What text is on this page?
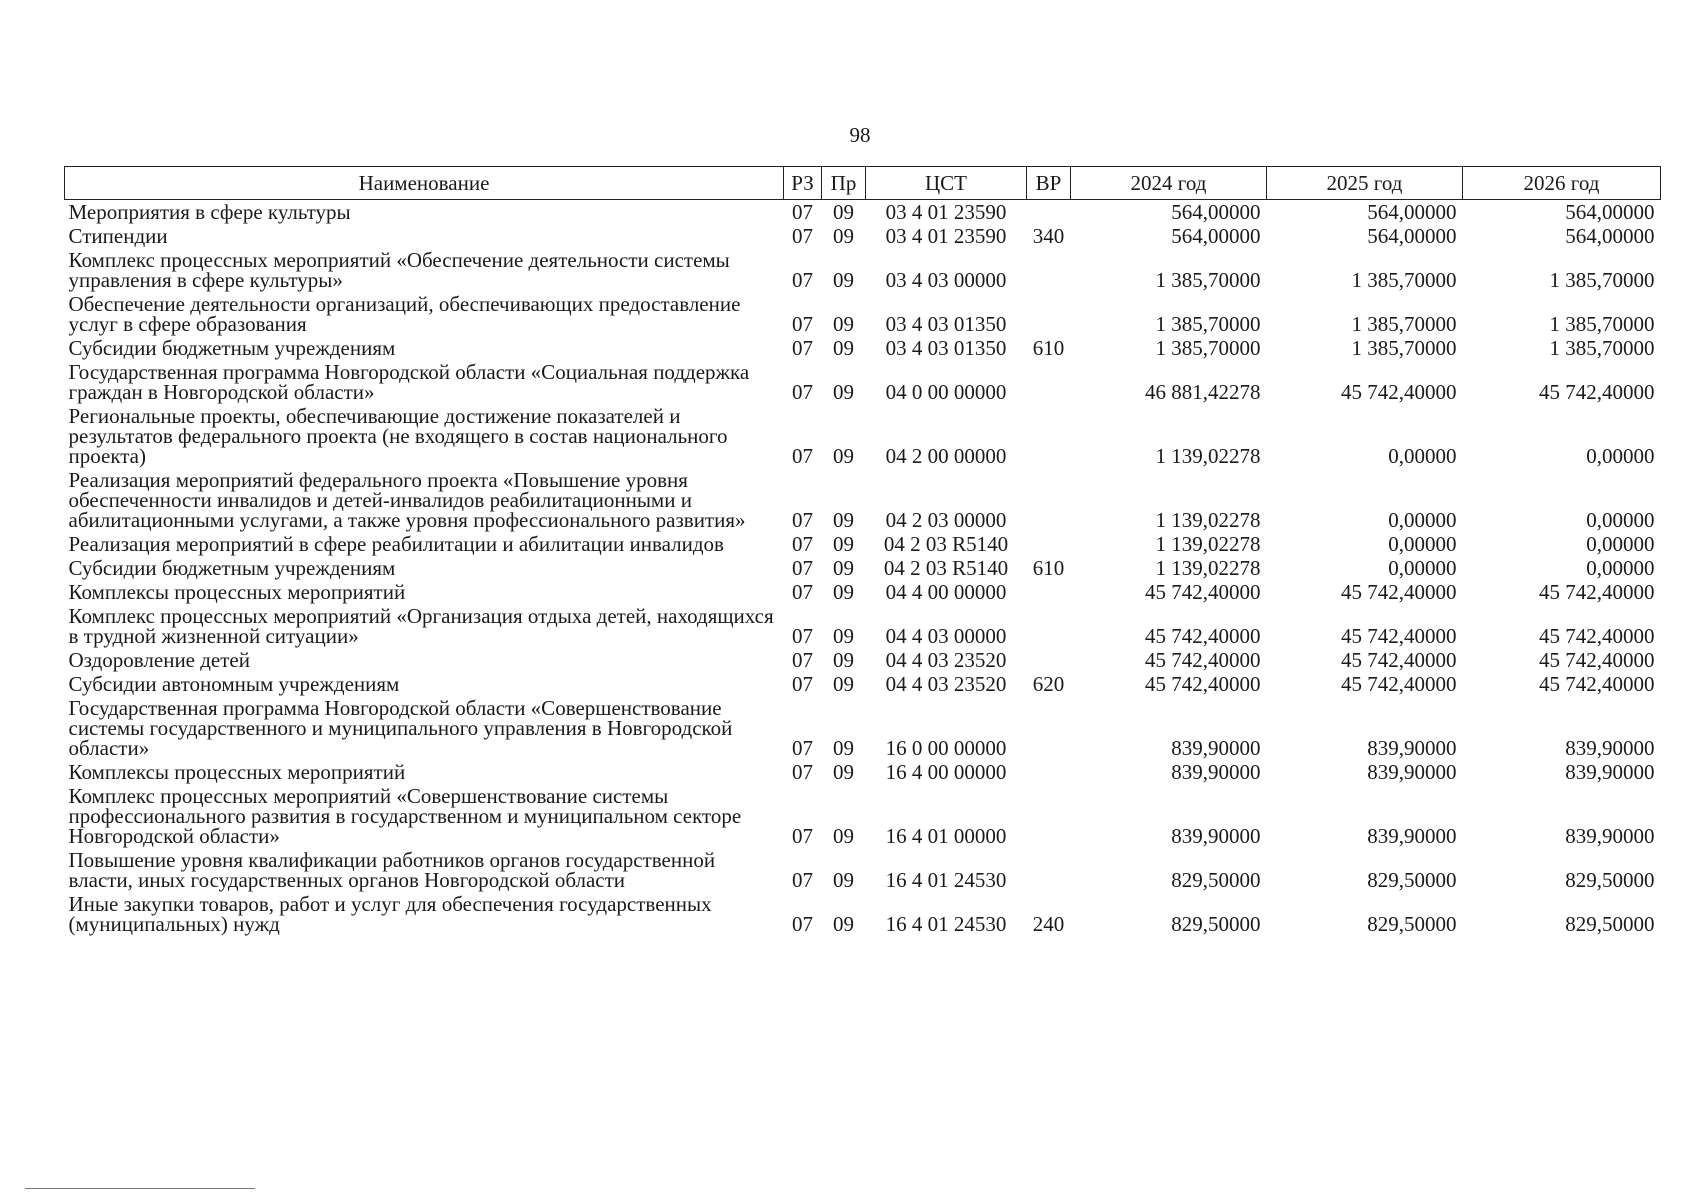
98
Наименование	РЗ	Пр	ЦСТ	ВР	2024 год	2025 год	2026 год
Мероприятия в сфере культуры	07	09	03 4 01 23590		564,00000	564,00000	564,00000
Стипендии	07	09	03 4 01 23590	340	564,00000	564,00000	564,00000
Комплекс процессных мероприятий «Обеспечение деятельности системы управления в сфере культуры»	07	09	03 4 03 00000		1 385,70000	1 385,70000	1 385,70000
Обеспечение деятельности организаций, обеспечивающих предоставление услуг в сфере образования	07	09	03 4 03 01350		1 385,70000	1 385,70000	1 385,70000
Субсидии бюджетным учреждениям	07	09	03 4 03 01350	610	1 385,70000	1 385,70000	1 385,70000
Государственная программа Новгородской области «Социальная поддержка граждан в Новгородской области»	07	09	04 0 00 00000		46 881,42278	45 742,40000	45 742,40000
Региональные проекты, обеспечивающие достижение показателей и результатов федерального проекта (не входящего в состав национального проекта)	07	09	04 2 00 00000		1 139,02278	0,00000	0,00000
Реализация мероприятий федерального проекта «Повышение уровня обеспеченности инвалидов и детей-инвалидов реабилитационными и абилитационными услугами, а также уровня профессионального развития»	07	09	04 2 03 00000		1 139,02278	0,00000	0,00000
Реализация мероприятий в сфере реабилитации и абилитации инвалидов	07	09	04 2 03 R5140		1 139,02278	0,00000	0,00000
Субсидии бюджетным учреждениям	07	09	04 2 03 R5140	610	1 139,02278	0,00000	0,00000
Комплексы процессных мероприятий	07	09	04 4 00 00000		45 742,40000	45 742,40000	45 742,40000
Комплекс процессных мероприятий «Организация отдыха детей, находящихся в трудной жизненной ситуации»	07	09	04 4 03 00000		45 742,40000	45 742,40000	45 742,40000
Оздоровление детей	07	09	04 4 03 23520		45 742,40000	45 742,40000	45 742,40000
Субсидии автономным учреждениям	07	09	04 4 03 23520	620	45 742,40000	45 742,40000	45 742,40000
Государственная программа Новгородской области «Совершенствование системы государственного и муниципального управления в Новгородской области»	07	09	16 0 00 00000		839,90000	839,90000	839,90000
Комплексы процессных мероприятий	07	09	16 4 00 00000		839,90000	839,90000	839,90000
Комплекс процессных мероприятий «Совершенствование системы профессионального развития в государственном и муниципальном секторе Новгородской области»	07	09	16 4 01 00000		839,90000	839,90000	839,90000
Повышение уровня квалификации работников органов государственной власти, иных государственных органов Новгородской области	07	09	16 4 01 24530		829,50000	829,50000	829,50000
Иные закупки товаров, работ и услуг для обеспечения государственных (муниципальных) нужд	07	09	16 4 01 24530	240	829,50000	829,50000	829,50000
